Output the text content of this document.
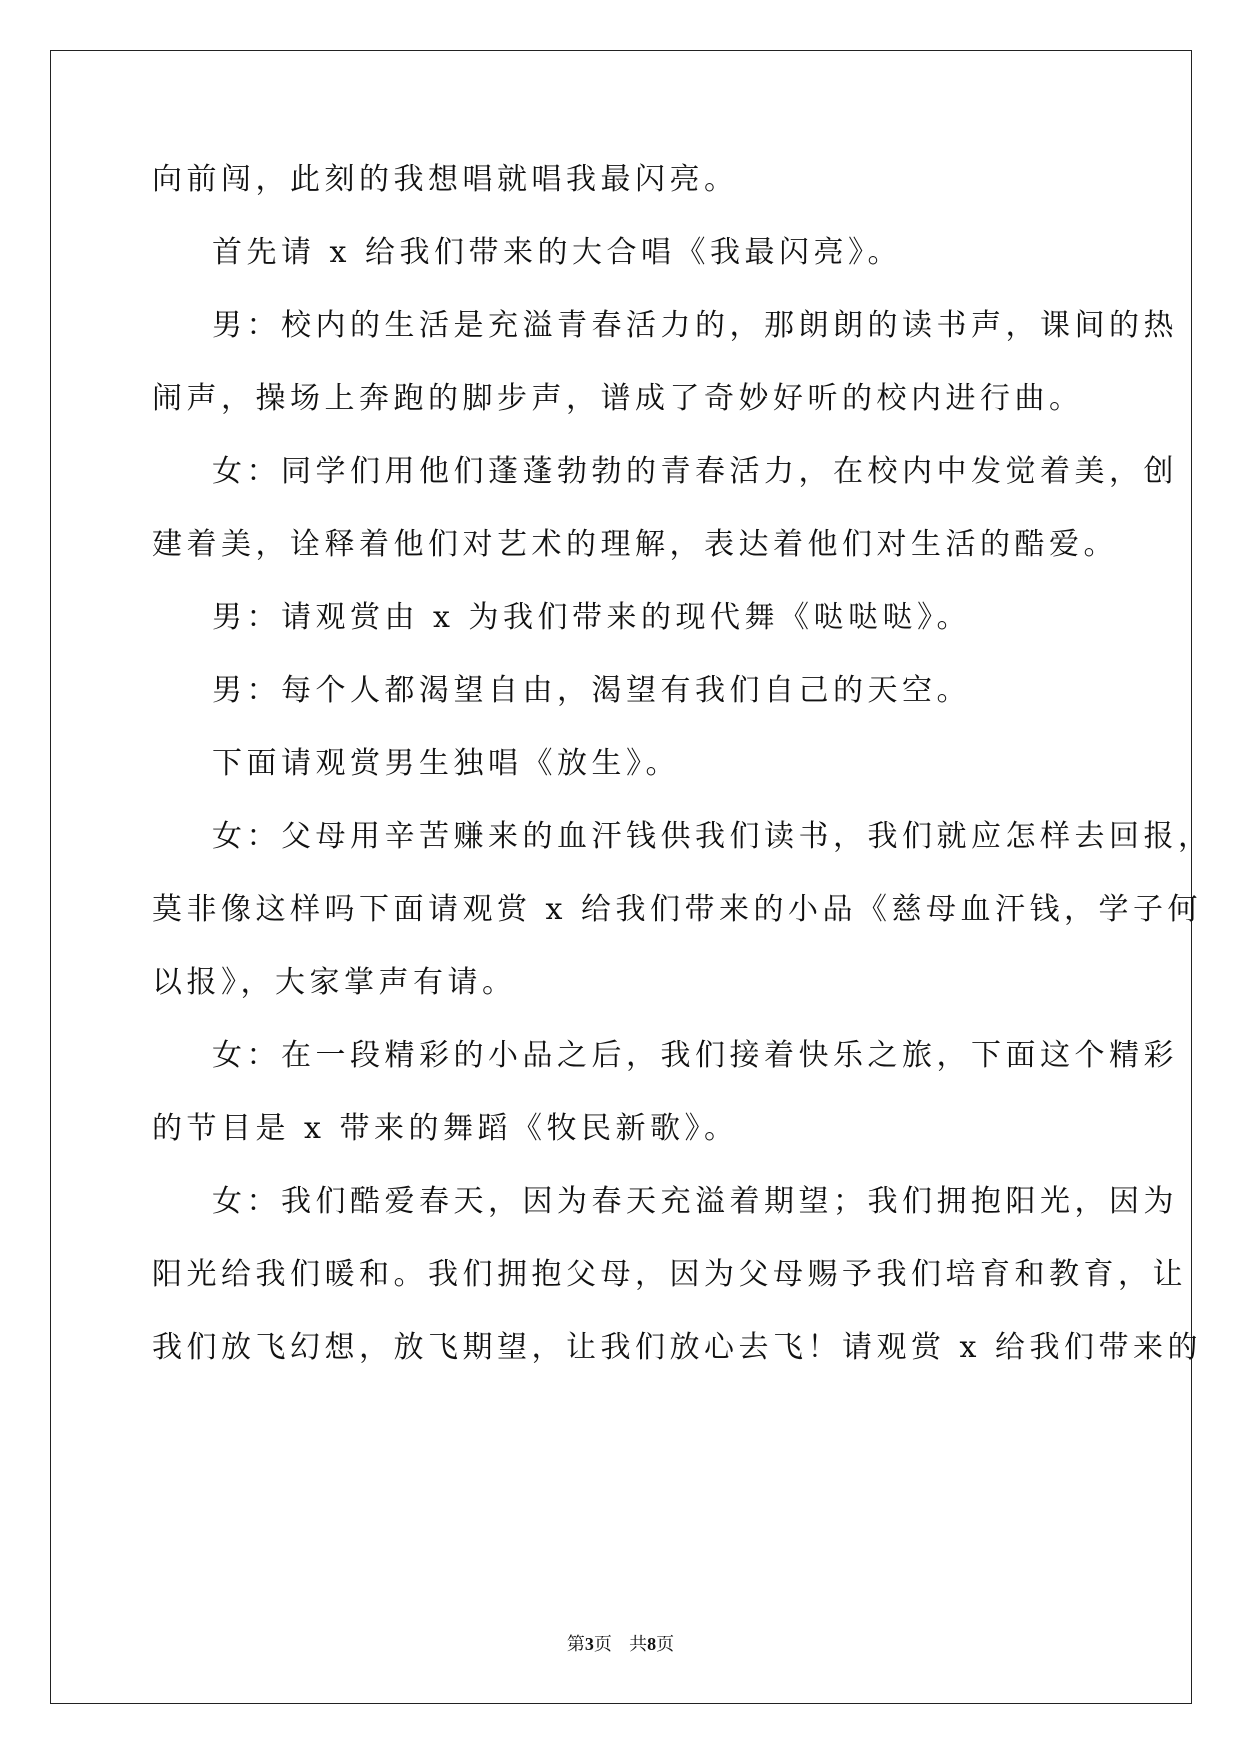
向前闯，此刻的我想唱就唱我最闪亮。
首先请 x 给我们带来的大合唱《我最闪亮》。
男：校内的生活是充溢青春活力的，那朗朗的读书声，课间的热
闹声，操场上奔跑的脚步声，谱成了奇妙好听的校内进行曲。
女：同学们用他们蓬蓬勃勃的青春活力，在校内中发觉着美，创
建着美，诠释着他们对艺术的理解，表达着他们对生活的酷爱。
男：请观赏由 x 为我们带来的现代舞《哒哒哒》。
男：每个人都渴望自由，渴望有我们自己的天空。
下面请观赏男生独唱《放生》。
女：父母用辛苦赚来的血汗钱供我们读书，我们就应怎样去回报，
莫非像这样吗下面请观赏 x 给我们带来的小品《慈母血汗钱，学子何
以报》，大家掌声有请。
女：在一段精彩的小品之后，我们接着快乐之旅，下面这个精彩
的节目是 x 带来的舞蹈《牧民新歌》。
女：我们酷爱春天，因为春天充溢着期望；我们拥抱阳光，因为
阳光给我们暖和。我们拥抱父母，因为父母赐予我们培育和教育，让
我们放飞幻想，放飞期望，让我们放心去飞！请观赏 x 给我们带来的
第3页 共8页
